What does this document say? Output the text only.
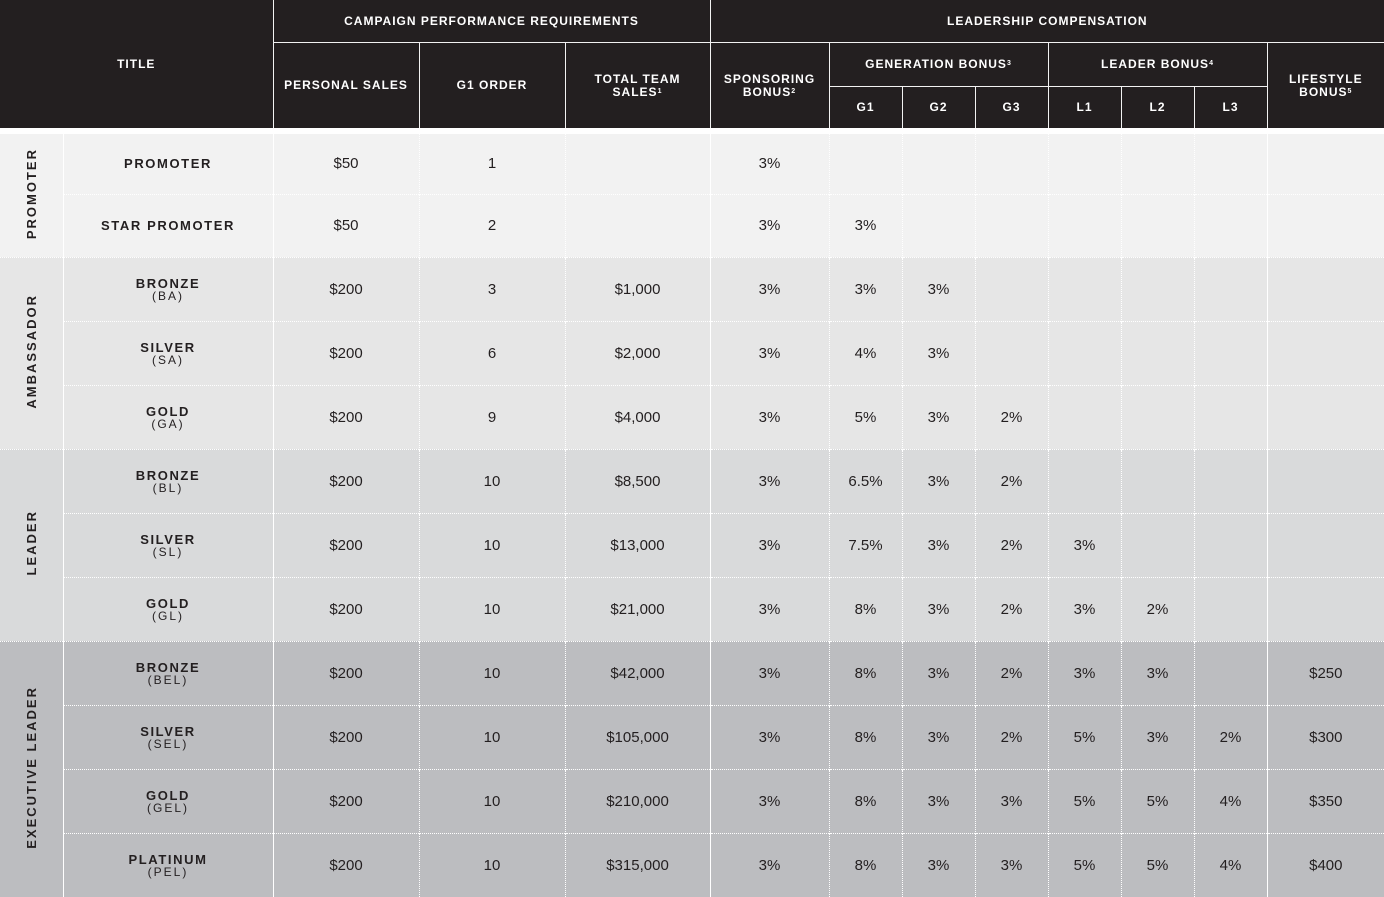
TITLE		CAMPAIGN PERFORMANCE REQUIREMENTS			LEADERSHIP COMPENSATION							
		PERSONAL SALES	G1 ORDER	TOTAL TEAM SALES$^1$	SPONSORING BONUS$^2$	GENERATION BONUS$^3$			LEADER BONUS$^4$			LIFESTYLE BONUS$^5$
						G1	G2	G3	L1	L2	L3	
PROMOTER	PROMOTER	$50	1		3%							

	STAR PROMOTER	$50	2		3%	3%						
AMBASSADOR	BRONZE
(BA)	$200	3	$1,000	3%	3%	3%					

	SILVER
(SA)	$200	6	$2,000	3%	4%	3%					

	GOLD
(GA)	$200	9	$4,000	3%	5%	3%	2%				
LEADER	BRONZE
(BL)	$200	10	$8,500	3%	6.5%	3%	2%				

	SILVER
(SL)	$200	10	$13,000	3%	7.5%	3%	2%	3%			

	GOLD
(GL)	$200	10	$21,000	3%	8%	3%	2%	3%	2%		
EXECUTIVE LEADER	BRONZE
(BEL)	$200	10	$42,000	3%	8%	3%	2%	3%	3%		$250

	SILVER
(SEL)	$200	10	$105,000	3%	8%	3%	2%	5%	3%	2%	$300

	GOLD
(GEL)	$200	10	$210,000	3%	8%	3%	3%	5%	5%	4%	$350

	PLATINUM
(PEL)	$200	10	$315,000	3%	8%	3%	3%	5%	5%	4%	$400
